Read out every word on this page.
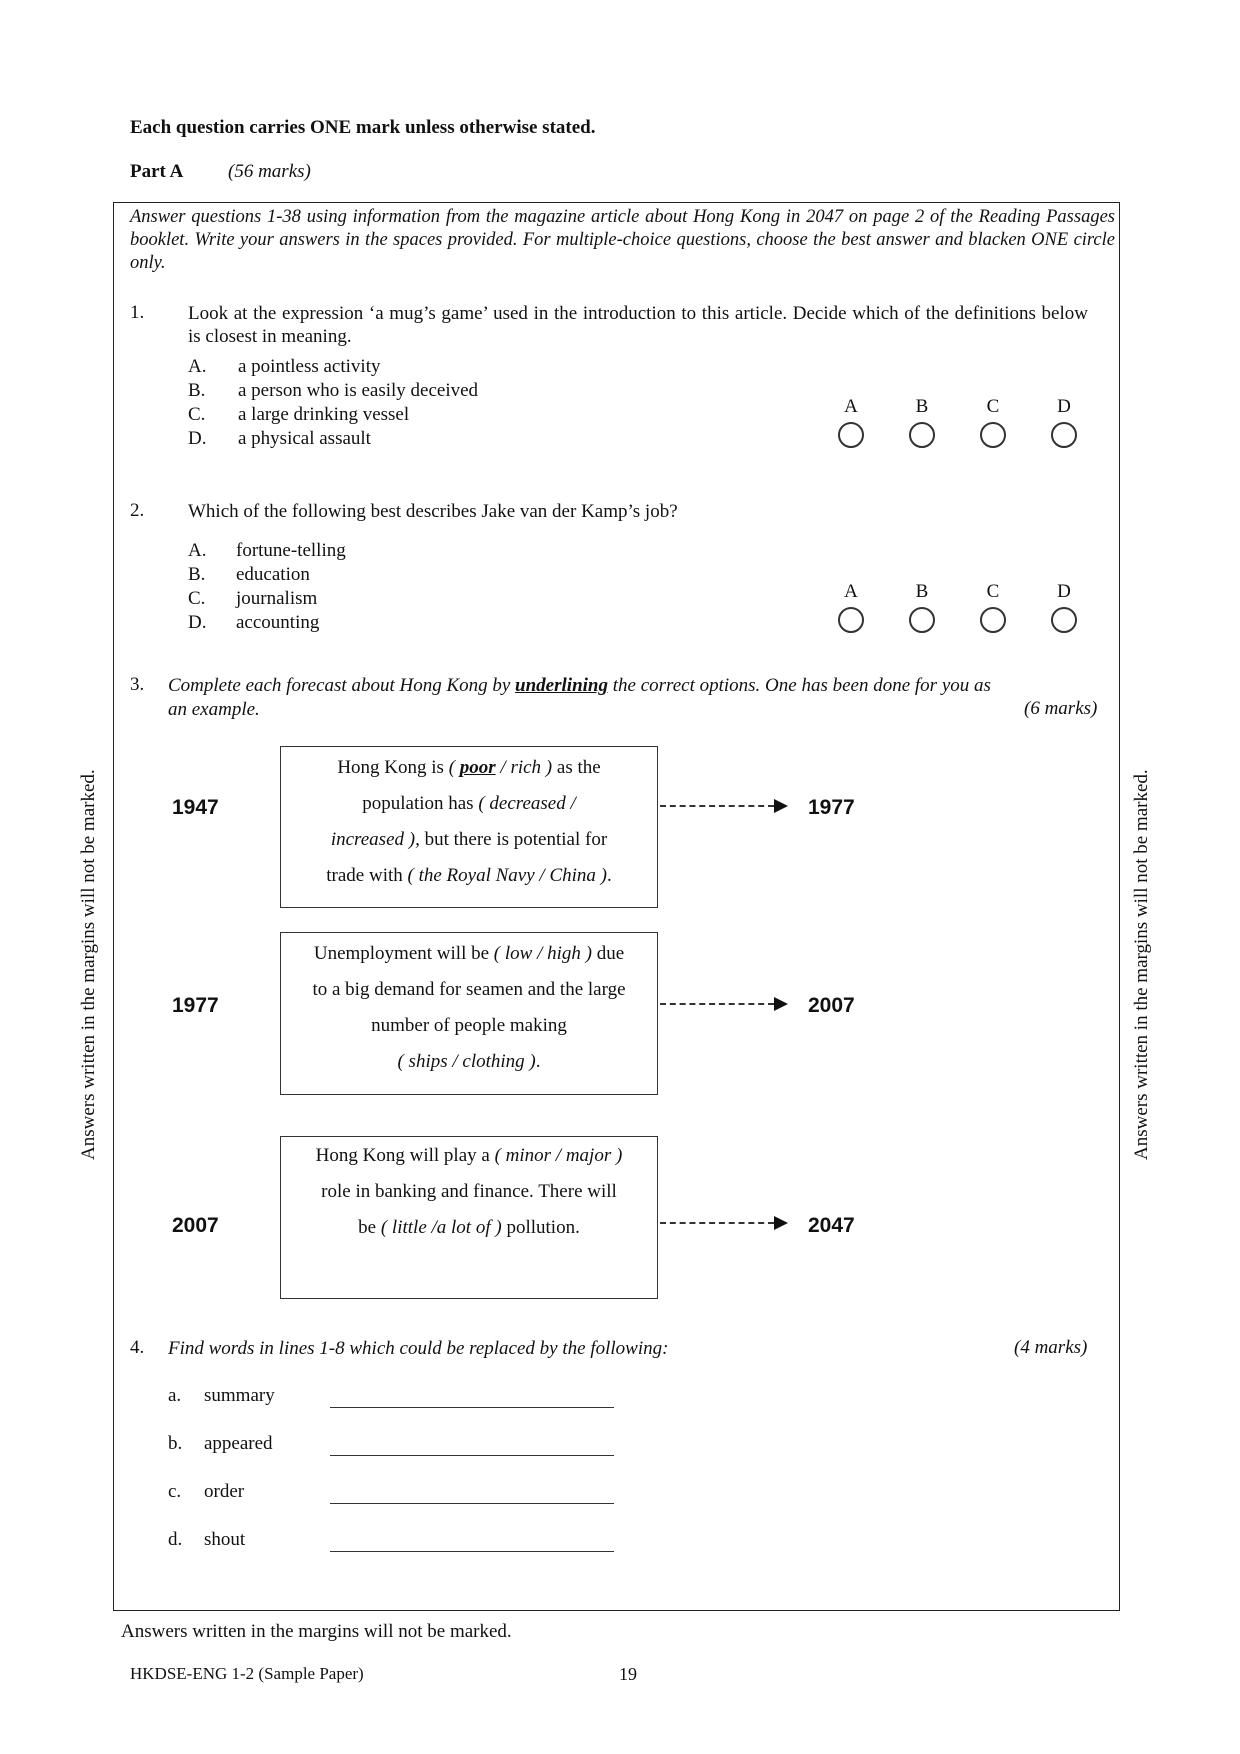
Each question carries ONE mark unless otherwise stated.
Part A (56 marks)
Answers written in the margins will not be marked.	Answers written in the margins will not be marked.
Answer questions 1-38 using information from the magazine article about Hong Kong in 2047 on page 2 of the Reading Passages booklet. Write your answers in the spaces provided. For multiple-choice questions, choose the best answer and blacken ONE circle only.
1. Look at the expression ‘a mug’s game’ used in the introduction to this article. Decide which of the definitions below is closest in meaning.
A. a pointless activity
B. a person who is easily deceived
C. a large drinking vessel
D. a physical assault
A	B	C	D
2. Which of the following best describes Jake van der Kamp’s job?
A. fortune-telling
B. education
C. journalism
D. accounting
A	B	C	D
3. Complete each forecast about Hong Kong by underlining the correct options. One has been done for you as
an example.	(6 marks)
1947
Hong Kong is ( poor / rich ) as the
population has ( decreased /
increased ), but there is potential for
trade with ( the Royal Navy / China ).
1977
1977
Unemployment will be ( low / high ) due
to a big demand for seamen and the large
number of people making
( ships / clothing ).
2007
2007
Hong Kong will play a ( minor / major )
role in banking and finance. There will
be ( little /a lot of ) pollution.	2047
4. Find words in lines 1-8 which could be replaced by the following:	(4 marks)
a. summary
b. appeared
c. order
d. shout
Answers written in the margins will not be marked.
HKDSE-ENG 1-2 (Sample Paper)	19
